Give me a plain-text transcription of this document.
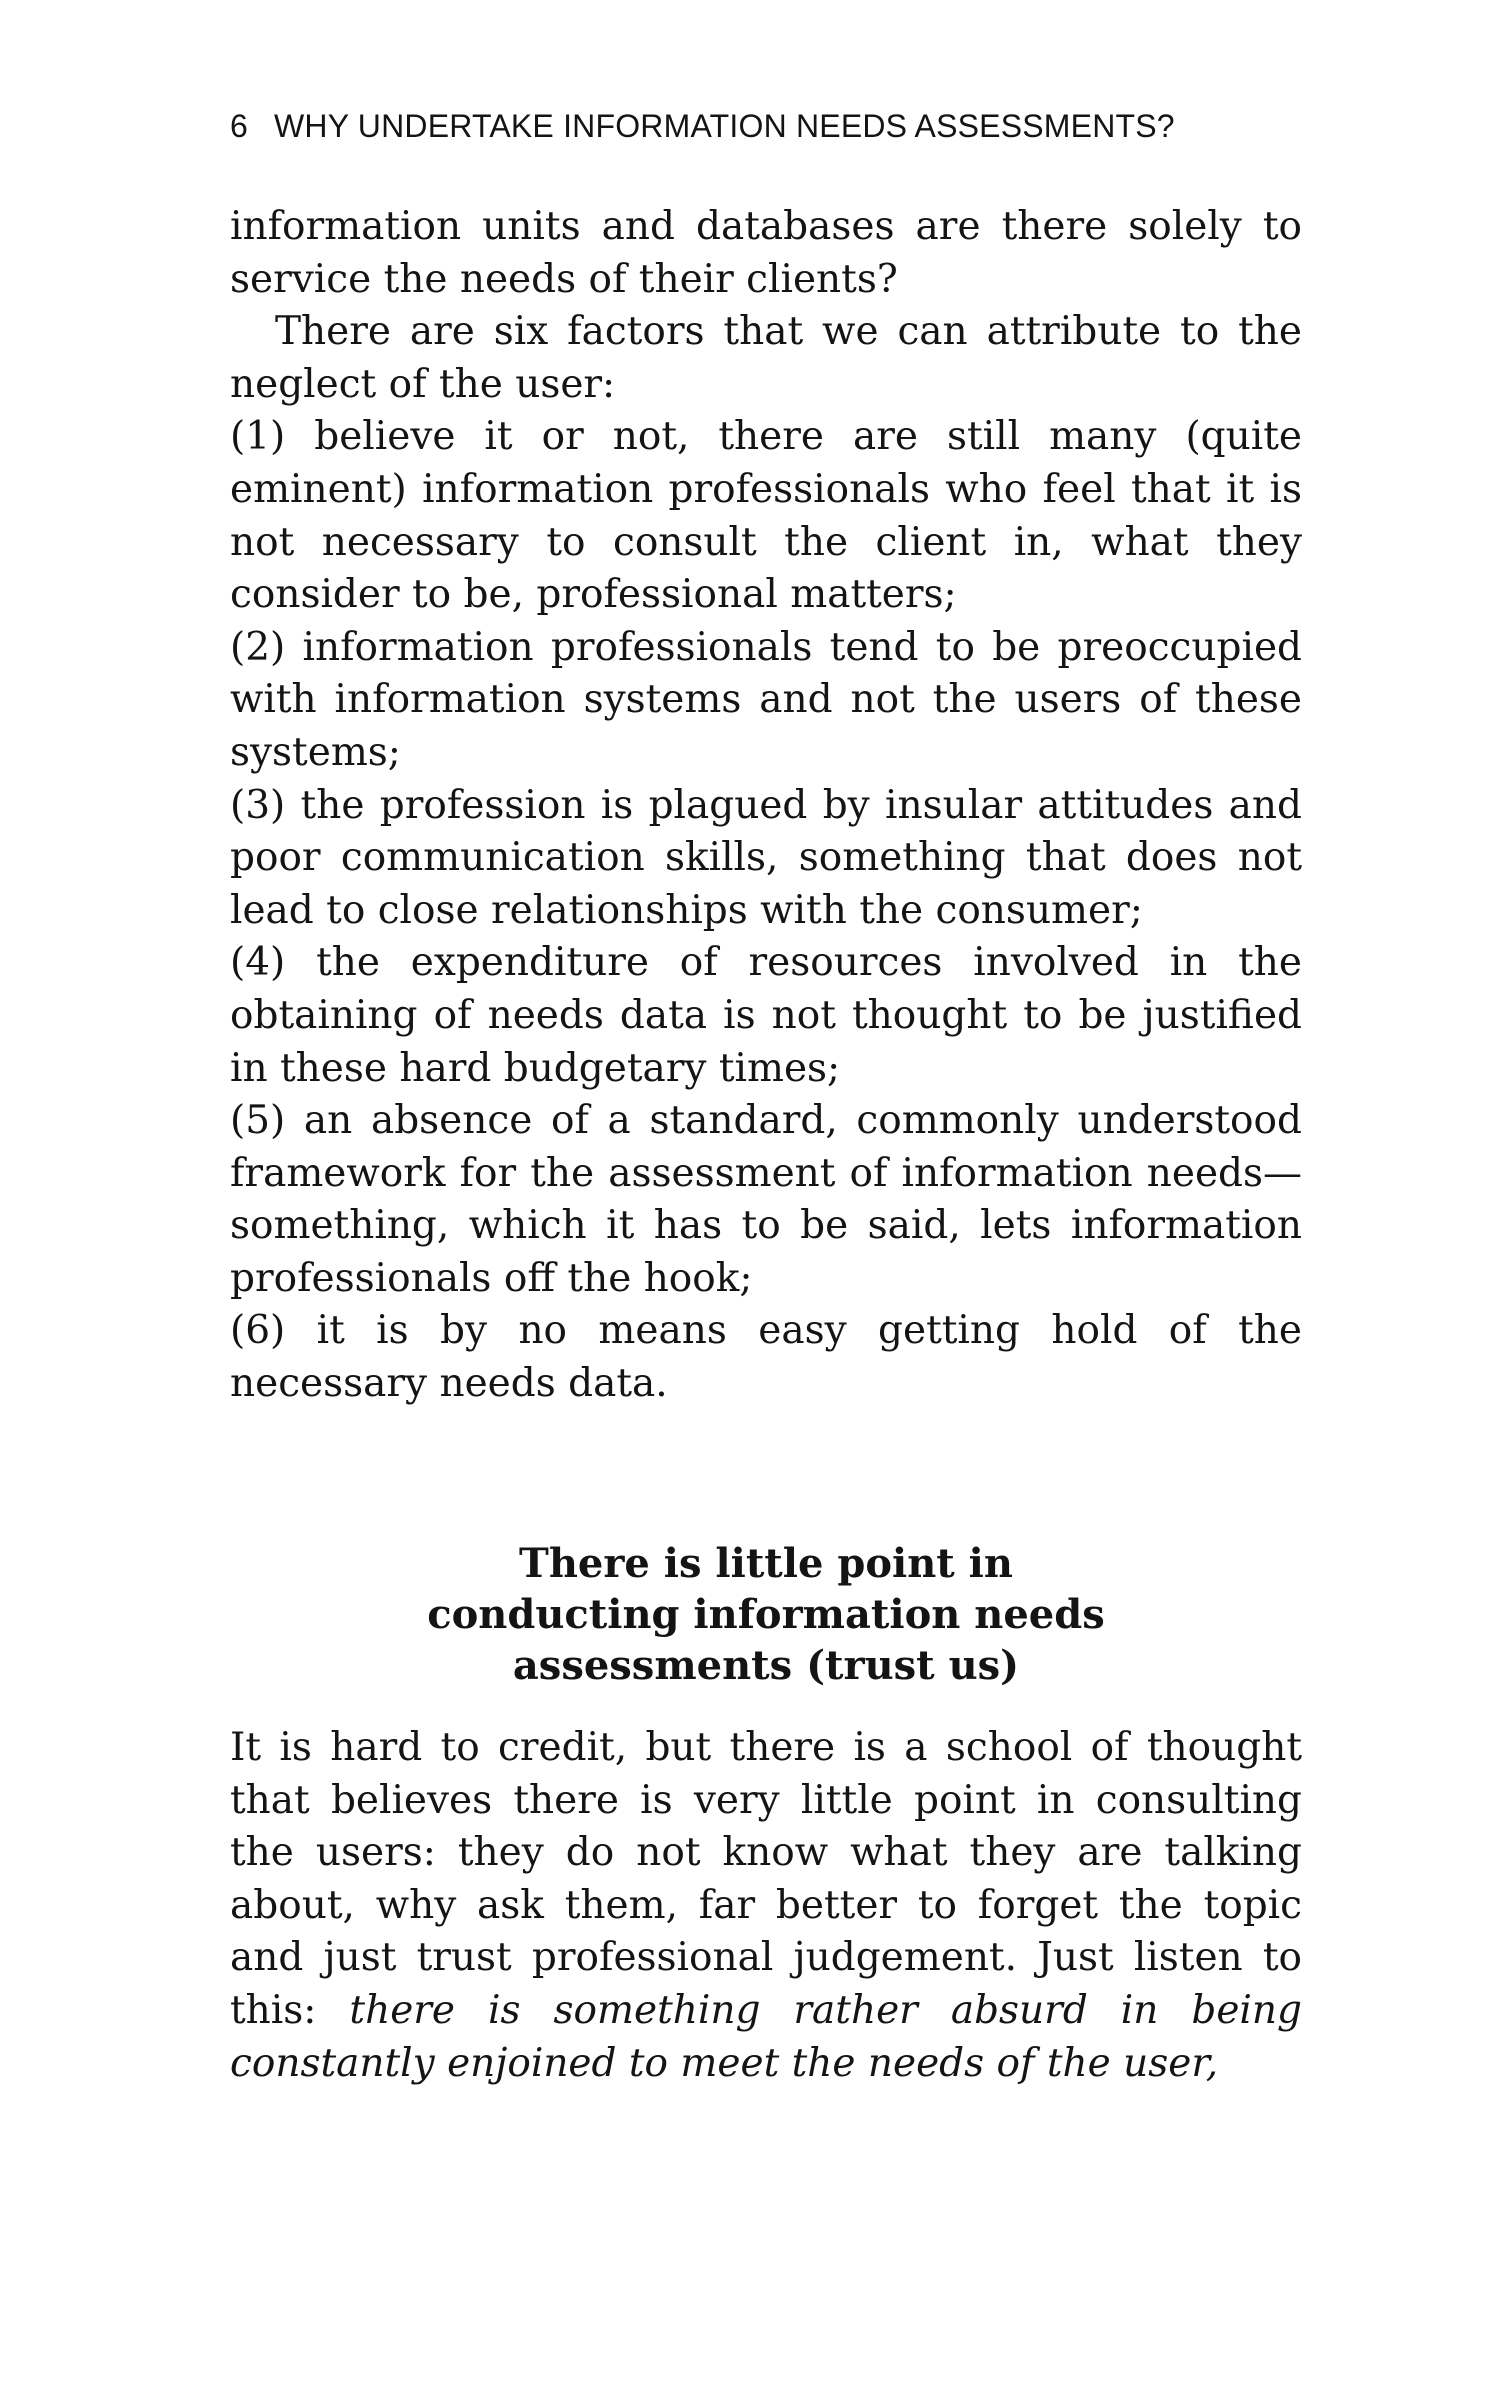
6 WHY UNDERTAKE INFORMATION NEEDS ASSESSMENTS?

information units and databases are there solely to service the needs of their clients?

There are six factors that we can attribute to the neglect of the user:

(1) believe it or not, there are still many (quite eminent) information professionals who feel that it is not necessary to consult the client in, what they consider to be, professional matters;

(2) information professionals tend to be preoccupied with information systems and not the users of these systems;

(3) the profession is plagued by insular attitudes and poor communication skills, something that does not lead to close relationships with the consumer;

(4) the expenditure of resources involved in the obtaining of needs data is not thought to be justified in these hard budgetary times;

(5) an absence of a standard, commonly understood framework for the assessment of information needs—something, which it has to be said, lets information professionals off the hook;

(6) it is by no means easy getting hold of the necessary needs data.

There is little point in
conducting information needs
assessments (trust us)

It is hard to credit, but there is a school of thought that believes there is very little point in consulting the users: they do not know what they are talking about, why ask them, far better to forget the topic and just trust professional judgement. Just listen to this: there is something rather absurd in being constantly enjoined to meet the needs of the user,
